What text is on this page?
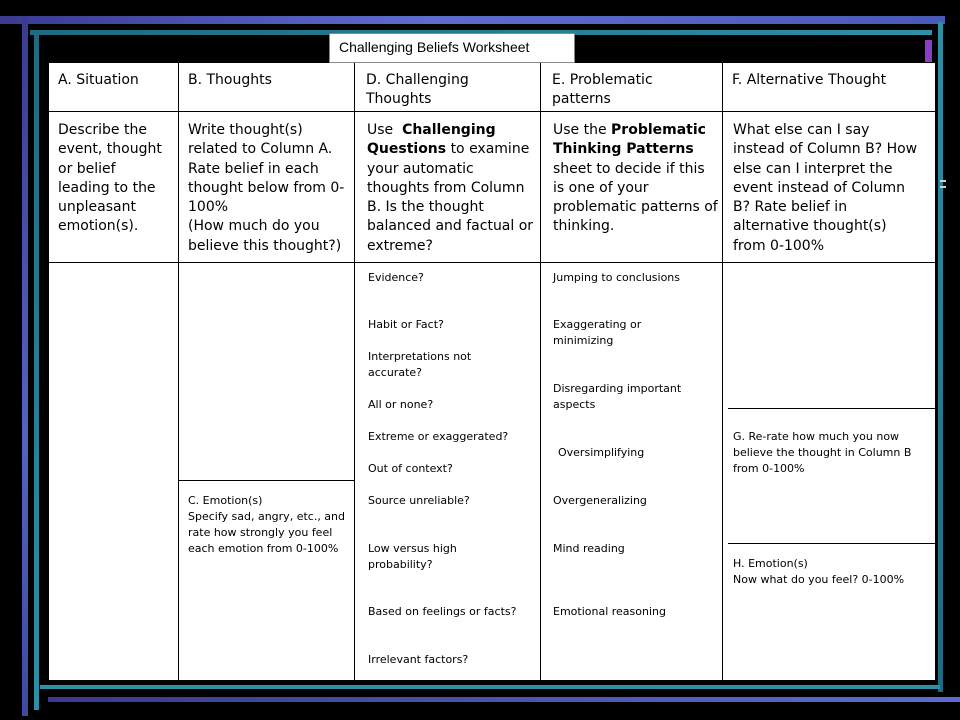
Challenging Beliefs Worksheet
A. Situation	B. Thoughts	D. Challenging Thoughts
E. Problematic patterns
F. Alternative Thought
Describe the event, thought or belief leading to the unpleasant emotion(s).
Write thought(s) related to Column A. Rate belief in each thought below from 0-100%
(How much do you believe this thought?)
Use Challenging Questions to examine your automatic thoughts from Column B. Is the thought balanced and factual or extreme?
Use the Problematic Thinking Patterns sheet to decide if this is one of your problematic patterns of thinking.
What else can I say instead of Column B? How else can I interpret the event instead of Column B? Rate belief in alternative thought(s) from 0-100%
C. Emotion(s)
Specify sad, angry, etc., and rate how strongly you feel each emotion from 0-100%
Evidence?
Habit or Fact?
Interpretations not accurate?
All or none?
Extreme or exaggerated?
Out of context?
Source unreliable?
Low versus high probability?
Based on feelings or facts?
Irrelevant factors?
Jumping to conclusions
Exaggerating or minimizing
Disregarding important aspects
Oversimplifying
Overgeneralizing
Mind reading
Emotional reasoning
G. Re-rate how much you now believe the thought in Column B from 0-100%
H. Emotion(s)
Now what do you feel? 0-100%
